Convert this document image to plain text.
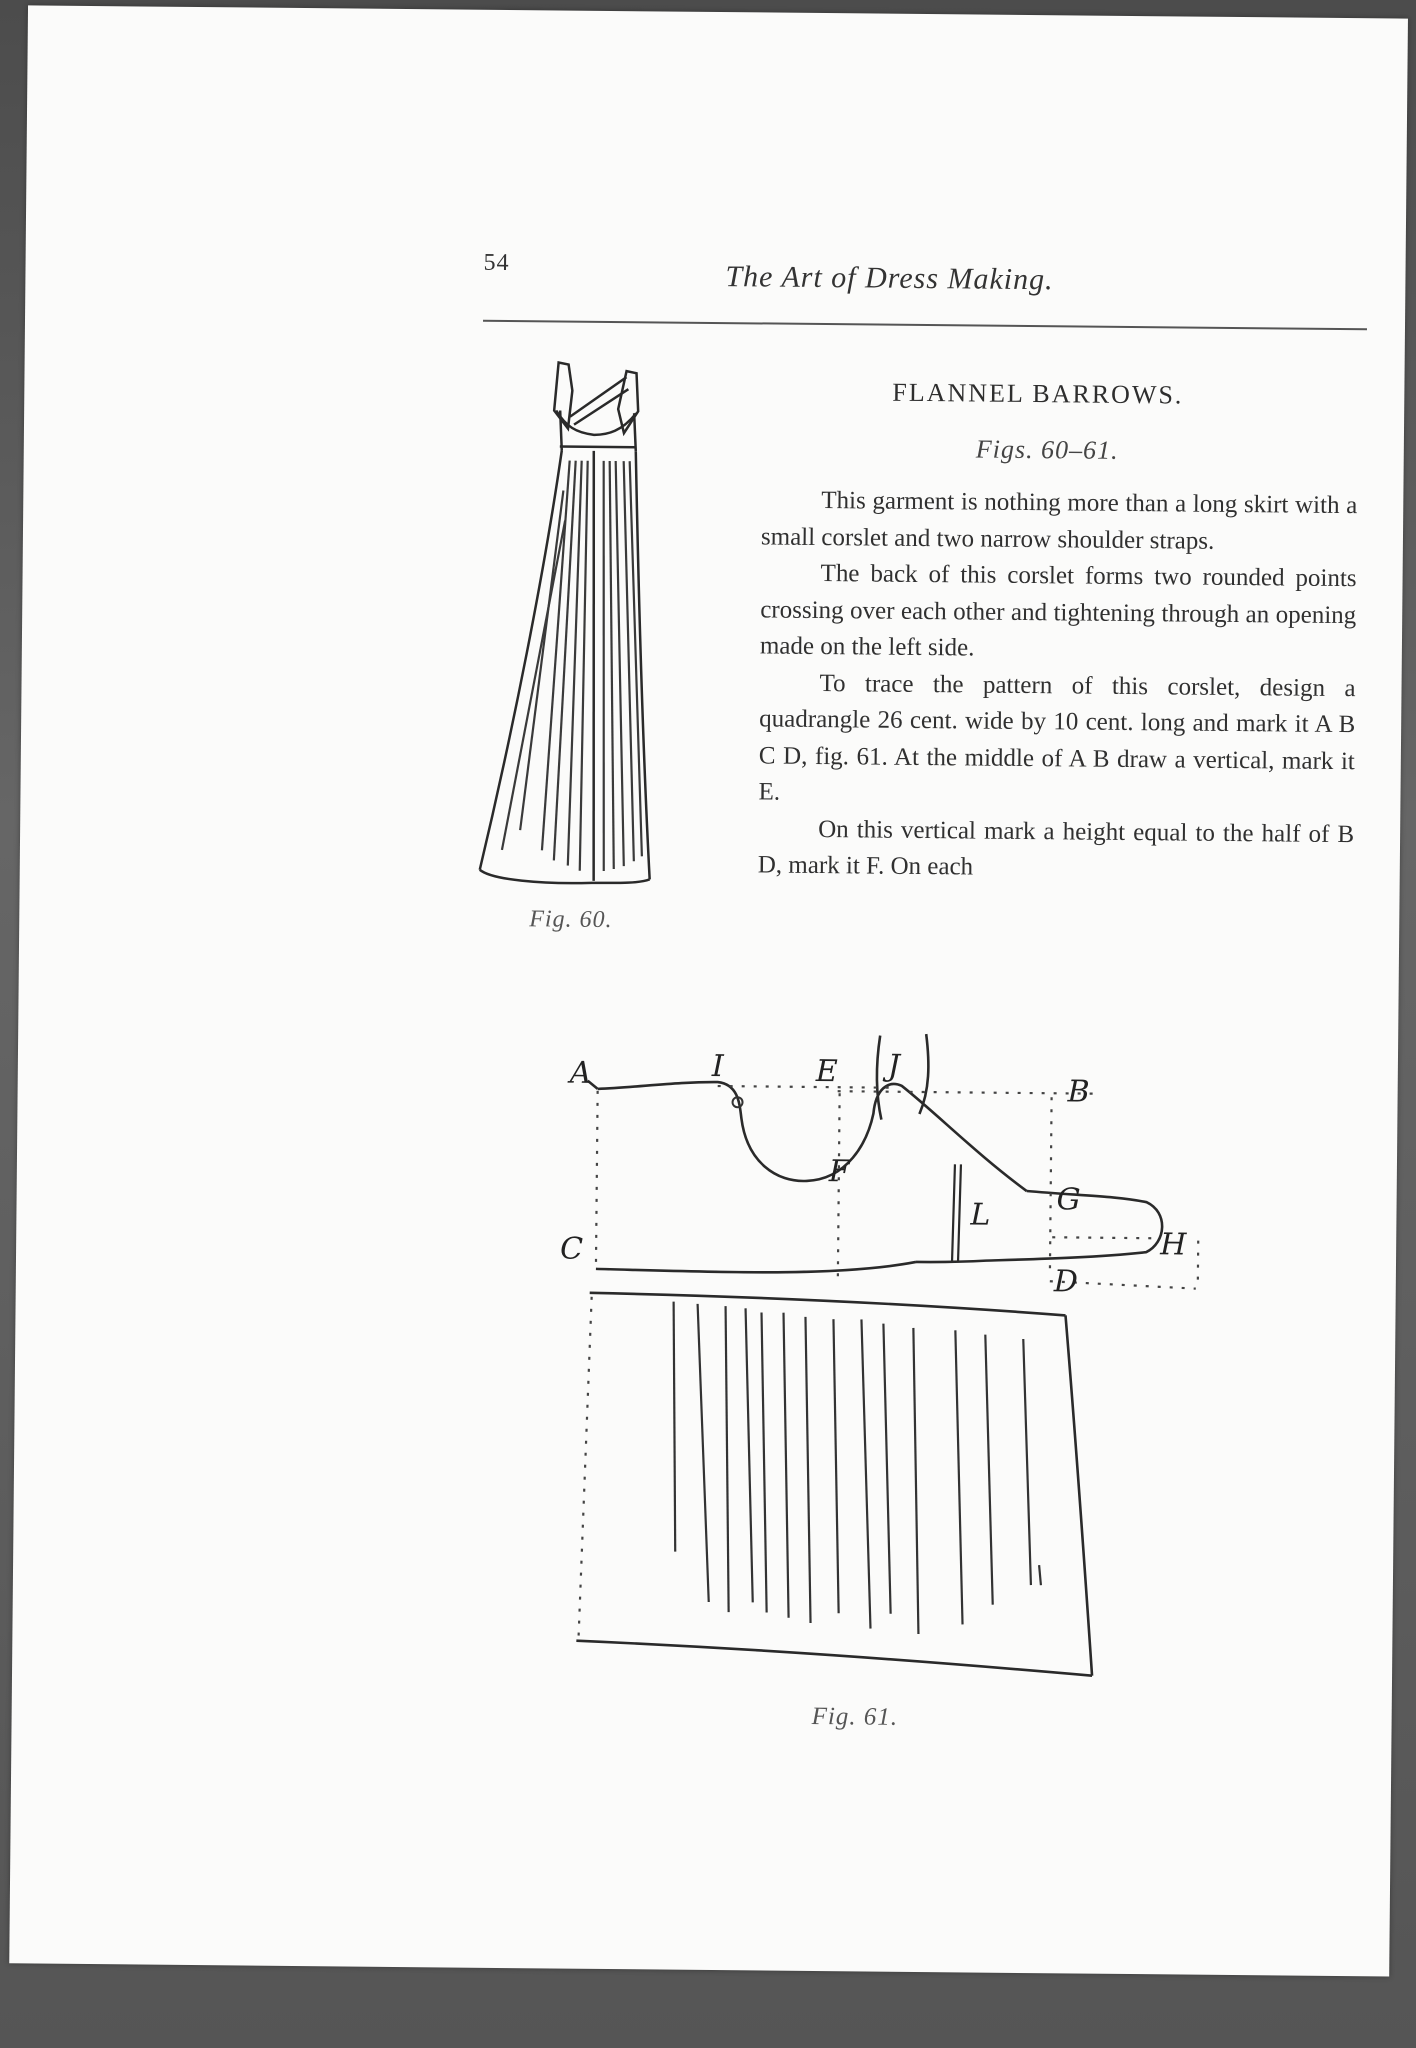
54	The Art of Dress Making.
Fig. 60.
FLANNEL BARROWS.
Figs. 60–61.

This garment is nothing more than a long skirt with a small corslet and two narrow shoulder straps.

The back of this corslet forms two rounded points crossing over each other and tightening through an opening made on the left side.

To trace the pattern of this corslet, design a quadrangle 26 cent. wide by 10 cent. long and mark it A B C D, fig. 61. At the middle of A B draw a vertical, mark it E.

On this vertical mark a height equal to the half of B D, mark it F. On each

A	I	E J
B
F
G
L
C	H
D
Fig. 61.
